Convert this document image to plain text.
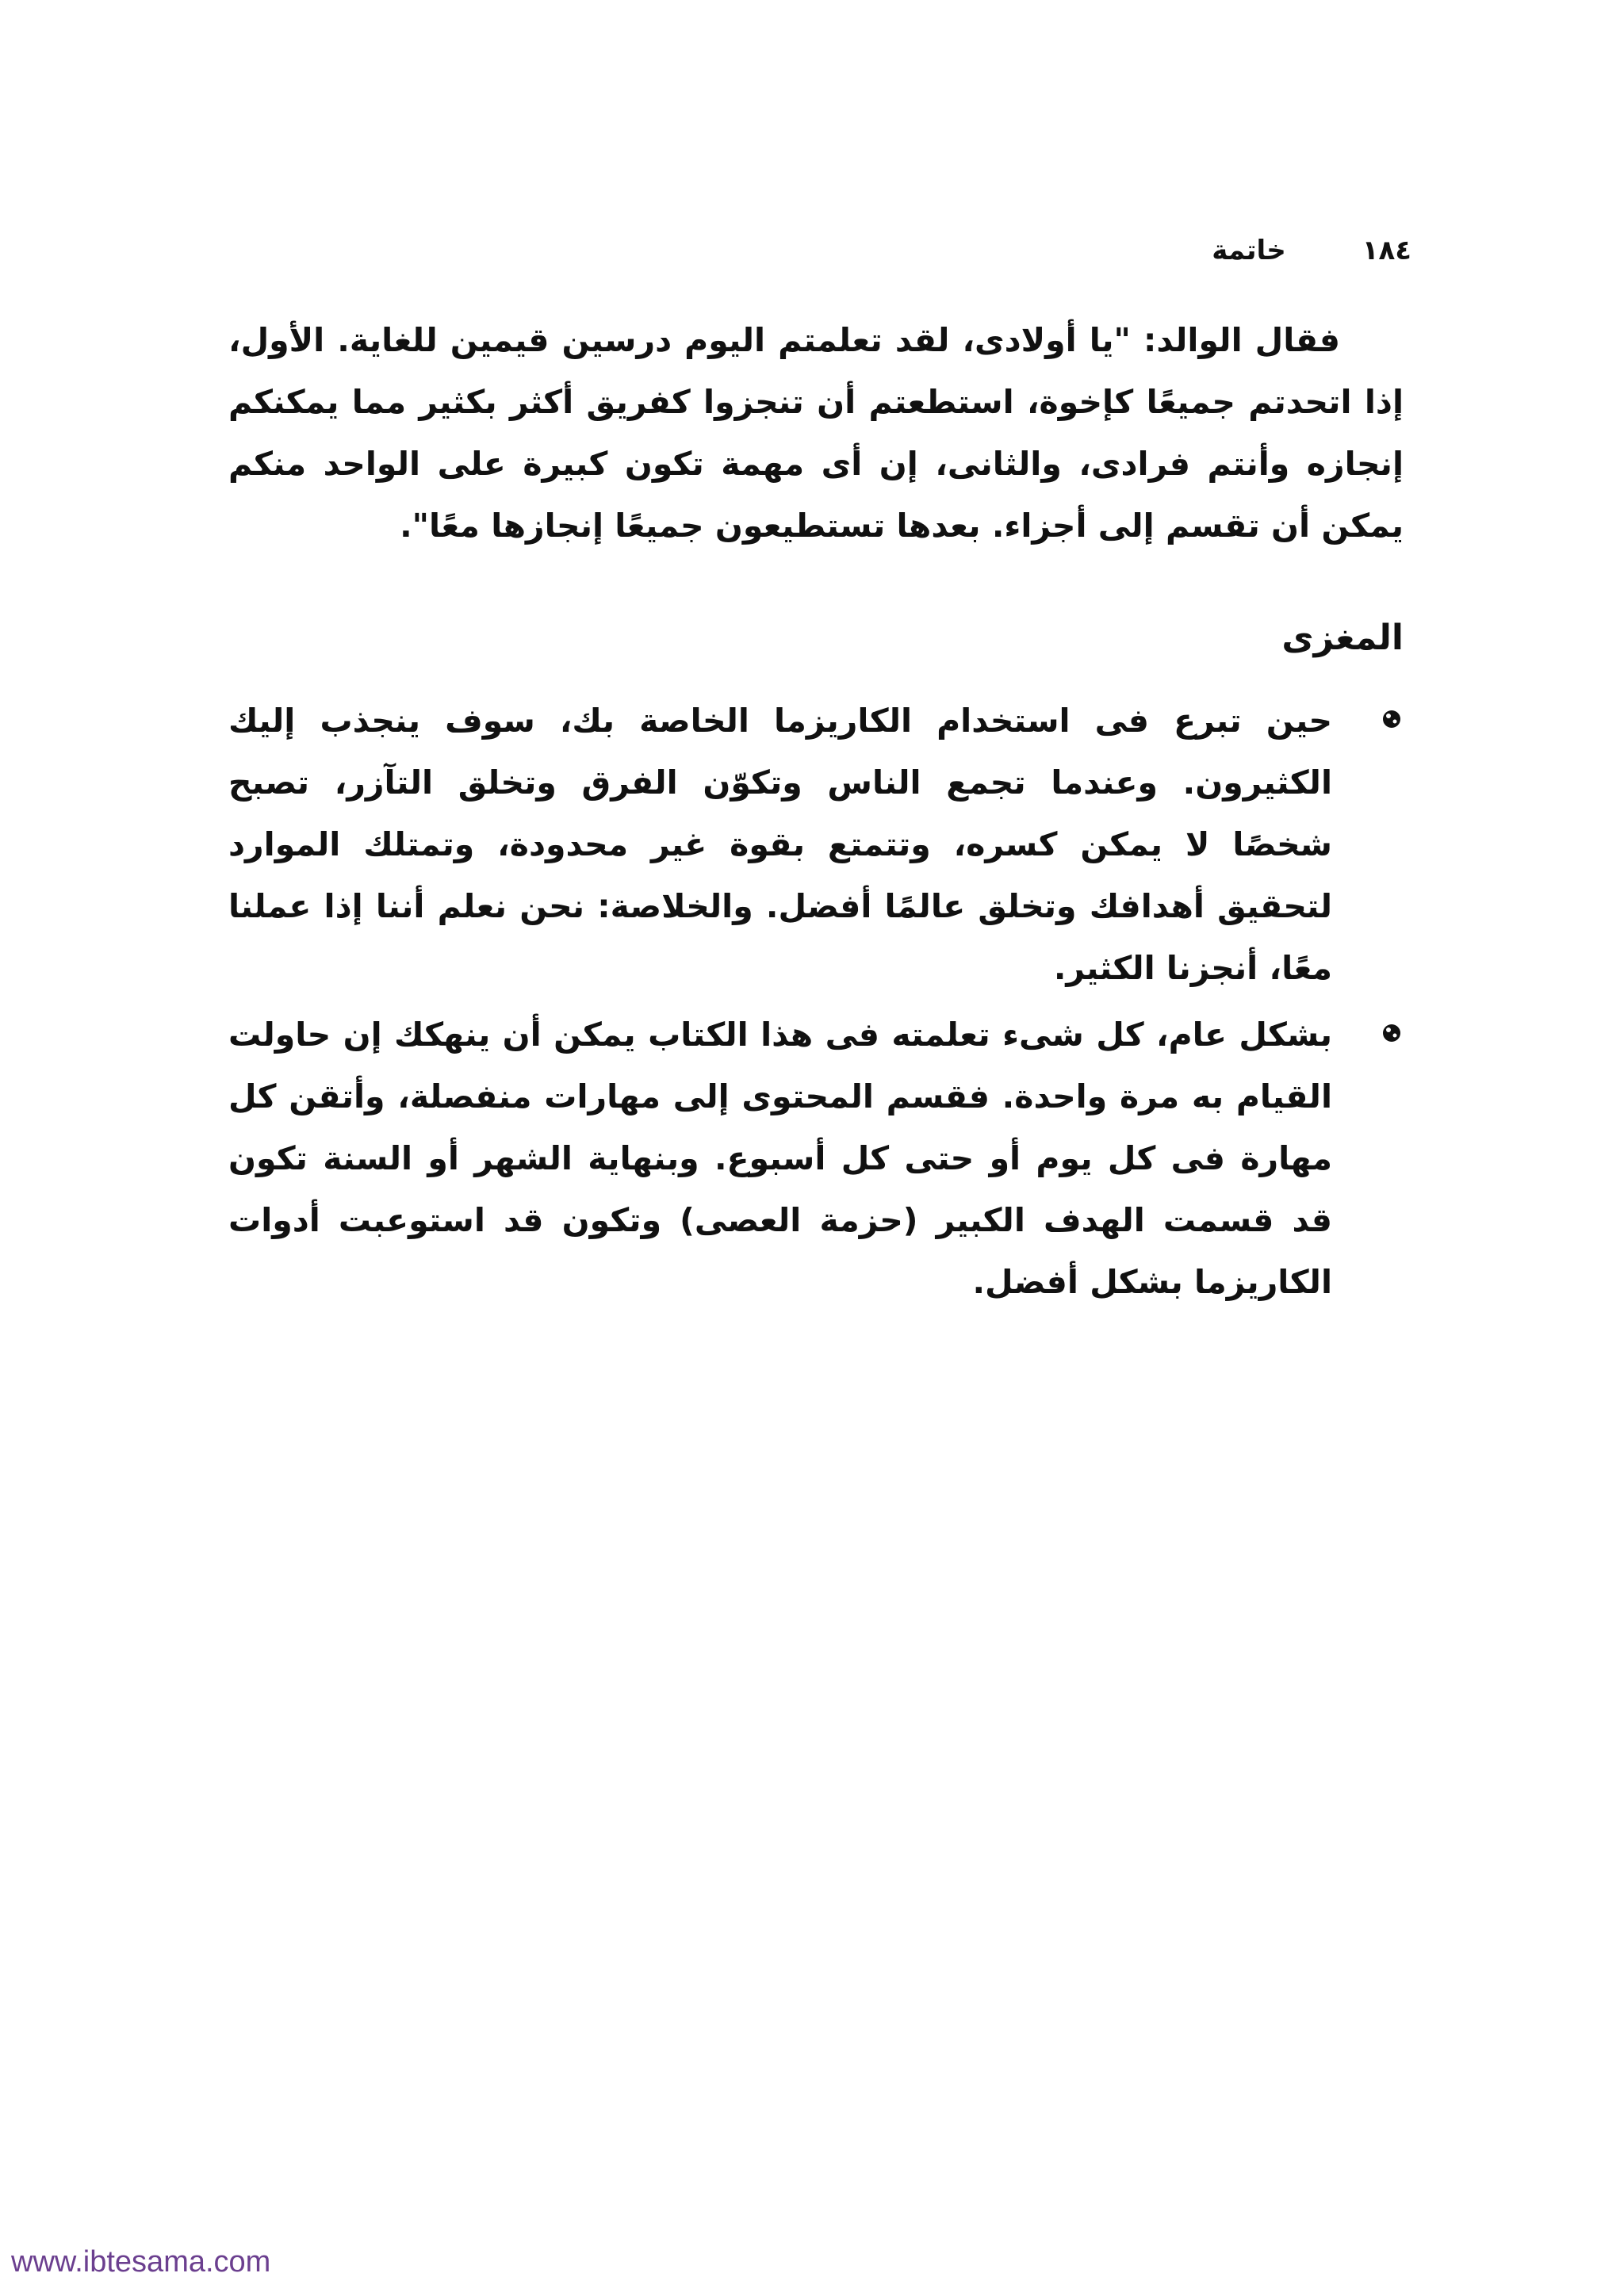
١٨٤
خاتمة

فقال الوالد: "يا أولادى، لقد تعلمتم اليوم درسين قيمين للغاية. الأول، إذا اتحدتم جميعًا كإخوة، استطعتم أن تنجزوا كفريق أكثر بكثير مما يمكنكم إنجازه وأنتم فرادى، والثانى، إن أى مهمة تكون كبيرة على الواحد منكم يمكن أن تقسم إلى أجزاء. بعدها تستطيعون جميعًا إنجازها معًا".

المغزى
حين تبرع فى استخدام الكاريزما الخاصة بك، سوف ينجذب إليك الكثيرون. وعندما تجمع الناس وتكوّن الفرق وتخلق التآزر، تصبح شخصًا لا يمكن كسره، وتتمتع بقوة غير محدودة، وتمتلك الموارد لتحقيق أهدافك وتخلق عالمًا أفضل. والخلاصة: نحن نعلم أننا إذا عملنا معًا، أنجزنا الكثير.
بشكل عام، كل شىء تعلمته فى هذا الكتاب يمكن أن ينهكك إن حاولت القيام به مرة واحدة. فقسم المحتوى إلى مهارات منفصلة، وأتقن كل مهارة فى كل يوم أو حتى كل أسبوع. وبنهاية الشهر أو السنة تكون قد قسمت الهدف الكبير (حزمة العصى) وتكون قد استوعبت أدوات الكاريزما بشكل أفضل.
www.ibtesama.com
